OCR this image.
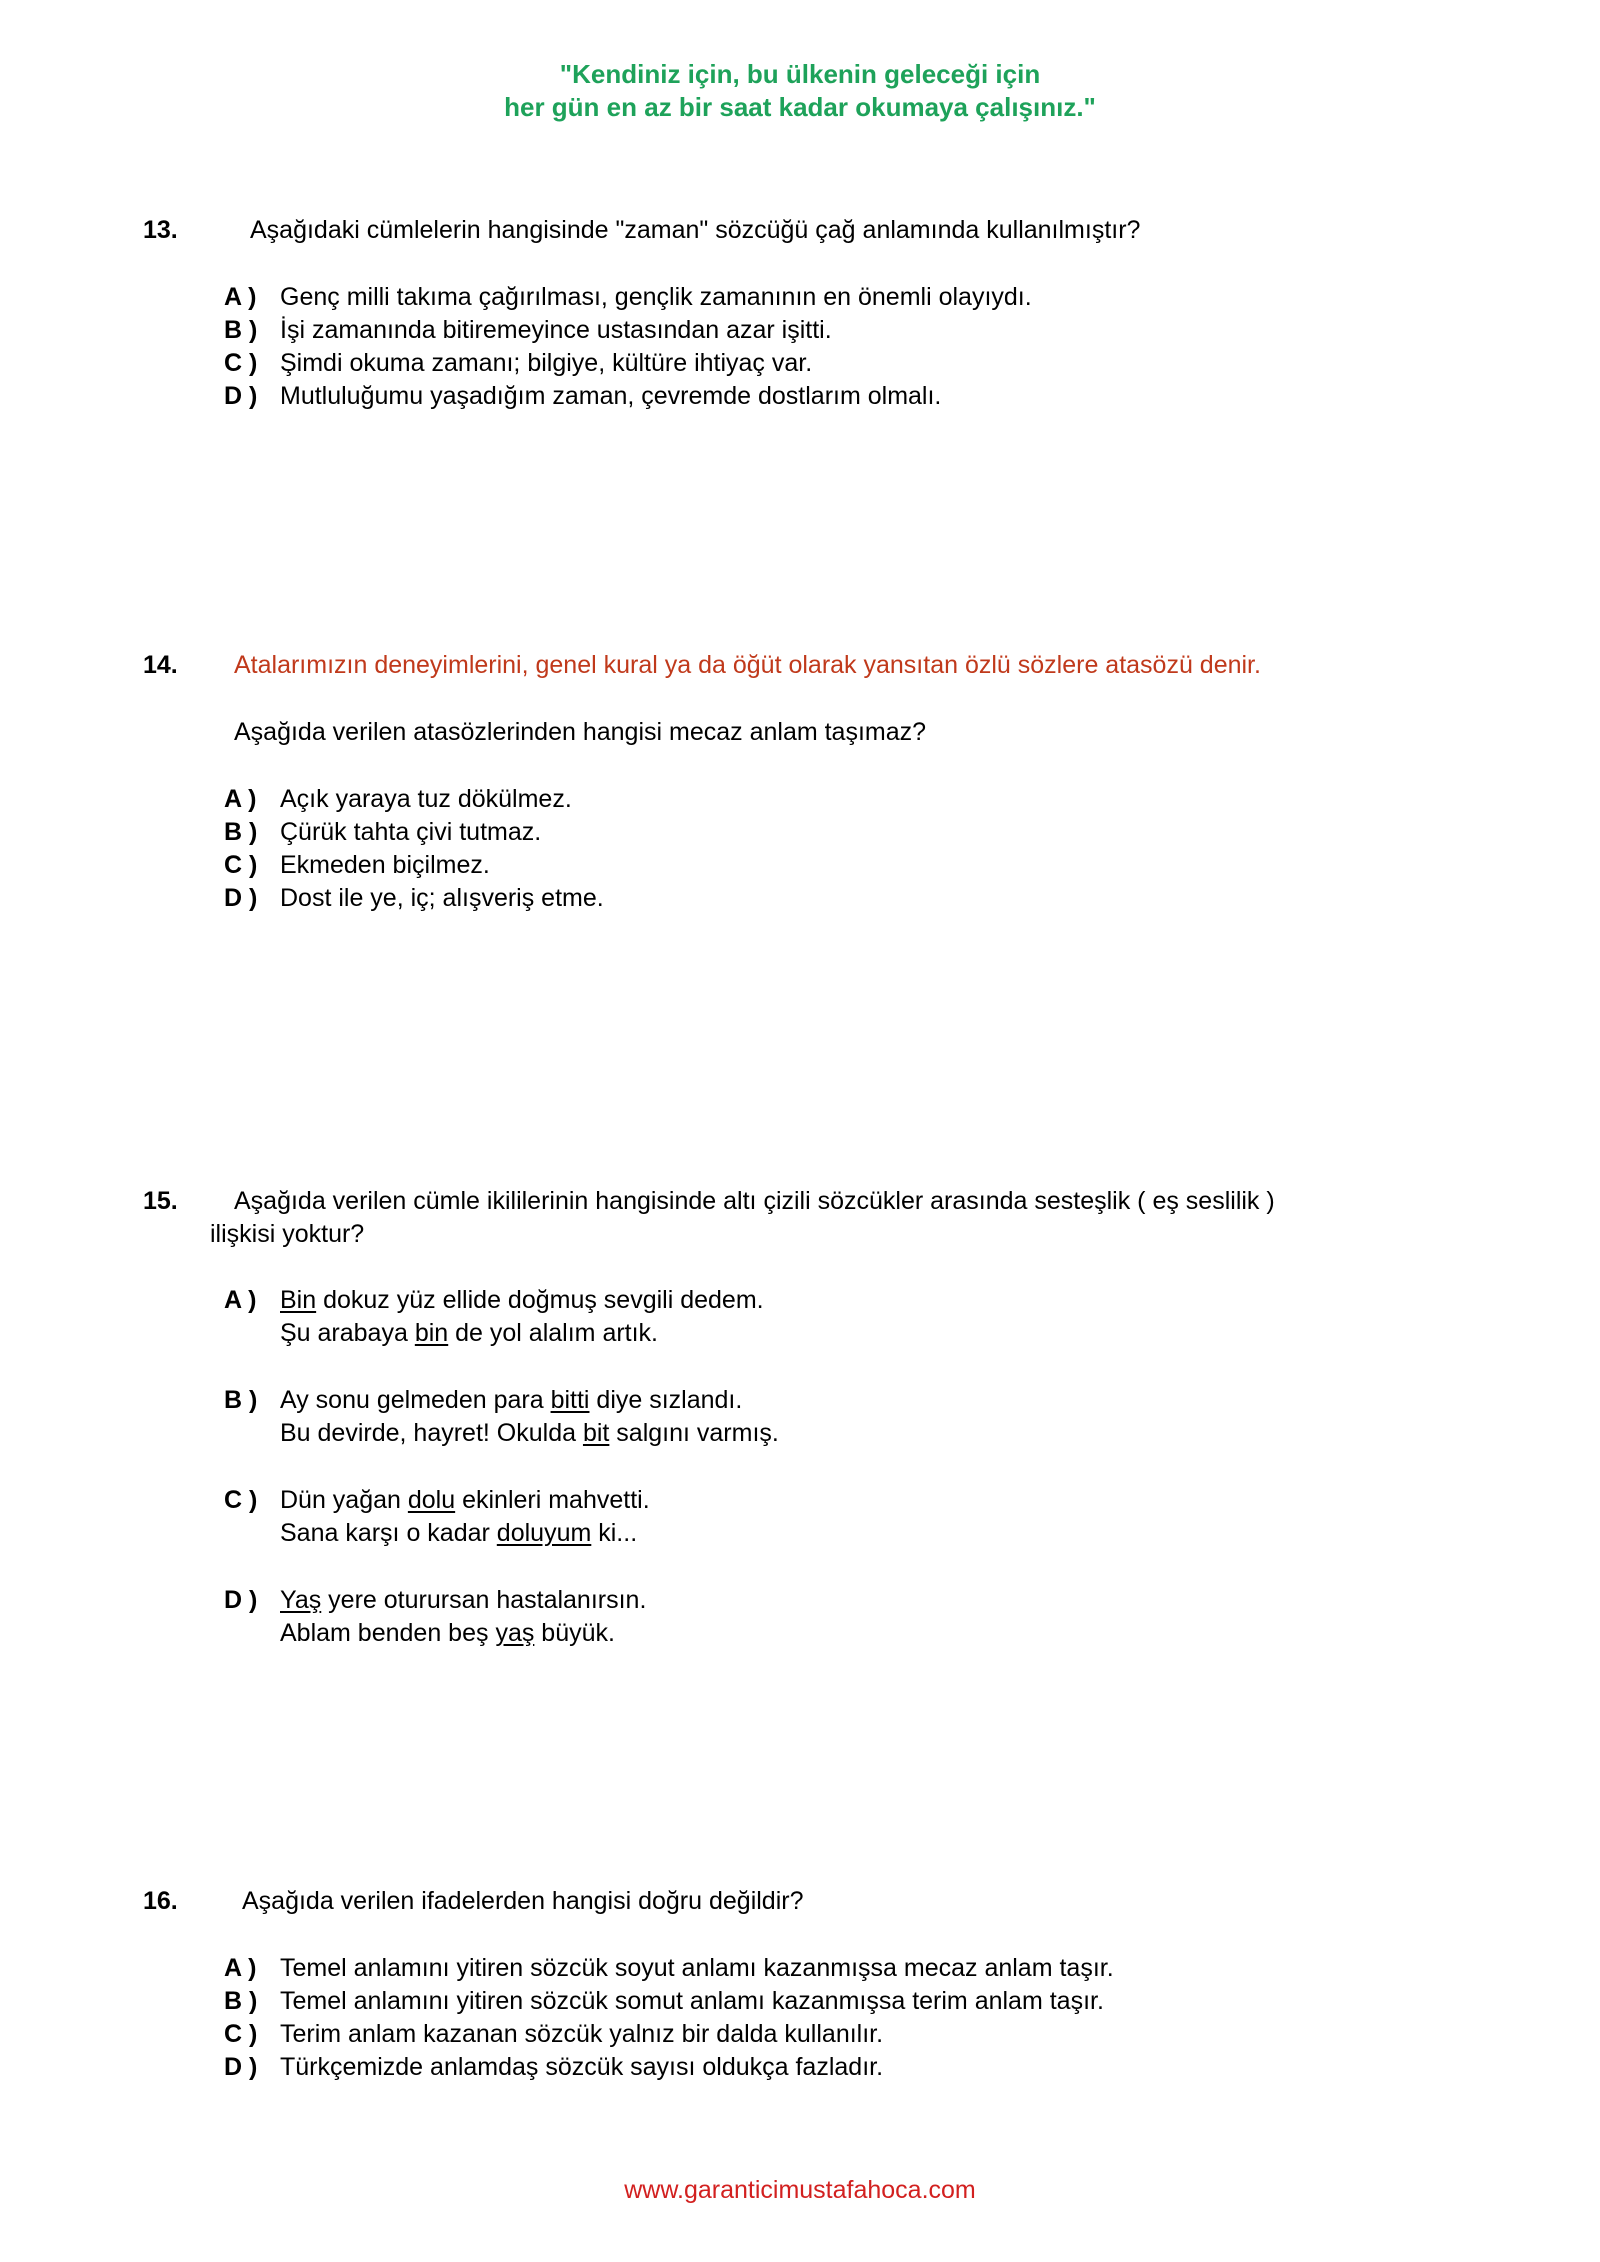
"Kendiniz için, bu ülkenin geleceği için
her gün en az bir saat kadar okumaya çalışınız."
13.	Aşağıdaki cümlelerin hangisinde "zaman" sözcüğü çağ anlamında kullanılmıştır?
A ) Genç milli takıma çağırılması, gençlik zamanının en önemli olayıydı.
B ) İşi zamanında bitiremeyince ustasından azar işitti.
C ) Şimdi okuma zamanı; bilgiye, kültüre ihtiyaç var.
D ) Mutluluğumu yaşadığım zaman, çevremde dostlarım olmalı.
14. Atalarımızın deneyimlerini, genel kural ya da öğüt olarak yansıtan özlü sözlere atasözü denir.
Aşağıda verilen atasözlerinden hangisi mecaz anlam taşımaz?
A ) Açık yaraya tuz dökülmez.
B ) Çürük tahta çivi tutmaz.
C ) Ekmeden biçilmez.
D ) Dost ile ye, iç; alışveriş etme.
15. Aşağıda verilen cümle ikililerinin hangisinde altı çizili sözcükler arasında sesteşlik ( eş seslilik )
ilişkisi yoktur?
A ) Bin dokuz yüz ellide doğmuş sevgili dedem.
Şu arabaya bin de yol alalım artık.
B ) Ay sonu gelmeden para bitti diye sızlandı.
Bu devirde, hayret! Okulda bit salgını varmış.
C ) Dün yağan dolu ekinleri mahvetti.
Sana karşı o kadar doluyum ki...
D ) Yaş yere oturursan hastalanırsın.
Ablam benden beş yaş büyük.
16.	Aşağıda verilen ifadelerden hangisi doğru değildir?
A ) Temel anlamını yitiren sözcük soyut anlamı kazanmışsa mecaz anlam taşır.
B ) Temel anlamını yitiren sözcük somut anlamı kazanmışsa terim anlam taşır.
C ) Terim anlam kazanan sözcük yalnız bir dalda kullanılır.
D ) Türkçemizde anlamdaş sözcük sayısı oldukça fazladır.
www.garanticimustafahoca.com
